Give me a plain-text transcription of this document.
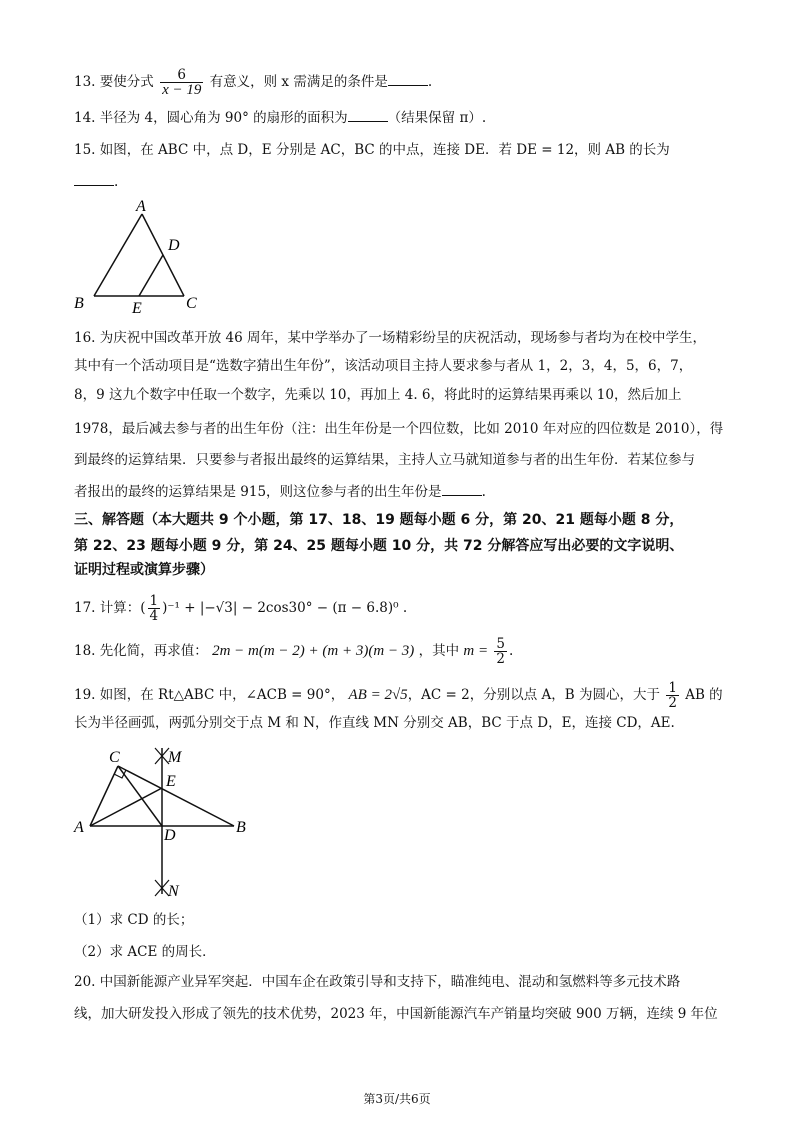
13. 要使分式 $\frac{6}{x - 19}$ 有意义，则 x 需满足的条件是	.
14. 半径为 4，圆心角为 90° 的扇形的面积为	（结果保留 π）.
15. 如图，在 ABC 中，点 D，E 分别是 AC，BC 的中点，连接 DE．若 DE = 12，则 AB 的长为
.
A
B	C
D
E
16. 为庆祝中国改革开放 46 周年，某中学举办了一场精彩纷呈的庆祝活动，现场参与者均为在校中学生，
其中有一个活动项目是“选数字猜出生年份”，该活动项目主持人要求参与者从 1，2，3，4，5，6，7，
8，9 这九个数字中任取一个数字，先乘以 10，再加上 4. 6，将此时的运算结果再乘以 10，然后加上
1978，最后减去参与者的出生年份（注：出生年份是一个四位数，比如 2010 年对应的四位数是 2010），得
到最终的运算结果．只要参与者报出最终的运算结果，主持人立马就知道参与者的出生年份．若某位参与
者报出的最终的运算结果是 915，则这位参与者的出生年份是	.
三、解答题（本大题共 9 个小题，第 17、18、19 题每小题 6 分，第 20、21 题每小题 8 分，
第 22、23 题每小题 9 分，第 24、25 题每小题 10 分，共 72 分解答应写出必要的文字说明、
证明过程或演算步骤）
17. 计算：( $\frac{1}{4} )^{-1} + |-√3| - 2\cos 30^\circ - (\pi - 6.8)^0$ .
18. 先化简，再求值： 2m − m(m − 2) + (m + 3)(m − 3) ，其中 $m = \frac{5}{2}$ .
19. 如图，在 Rt△ABC 中，∠ACB = 90°， AB = 2√5，AC = 2，分别以点 A，B 为圆心，大于 $\frac{1}{2}$ AB 的
长为半径画弧，两弧分别交于点 M 和 N，作直线 MN 分别交 AB，BC 于点 D，E，连接 CD，AE.
C	M
E
A	D	B
N
（1）求 CD 的长；
（2）求 ACE 的周长．
20. 中国新能源产业异军突起．中国车企在政策引导和支持下，瞄准纯电、混动和氢燃料等多元技术路
线，加大研发投入形成了领先的技术优势，2023 年，中国新能源汽车产销量均突破 900 万辆，连续 9 年位
第3页/共6页
